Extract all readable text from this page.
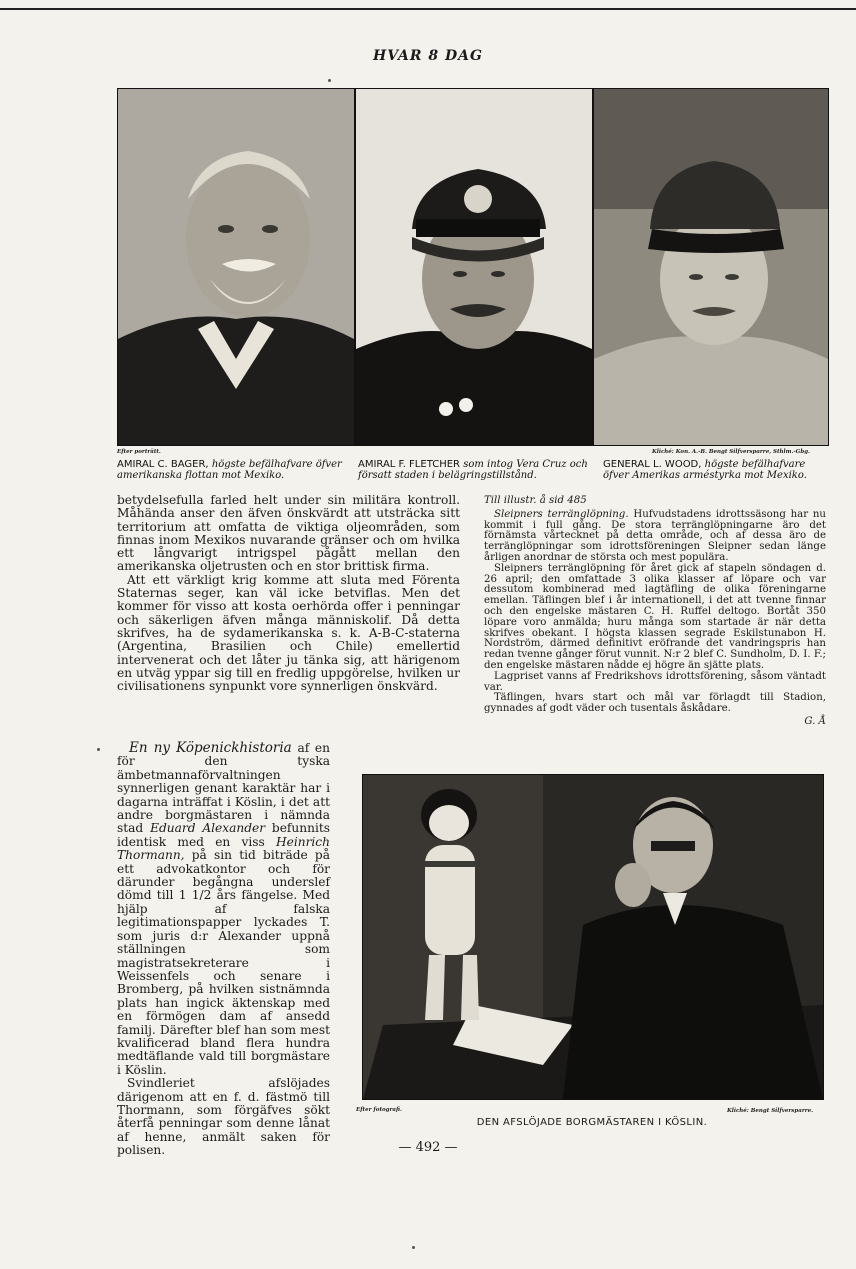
HVAR 8 DAG
Efter porträtt.	Kliché: Kon. A.-B. Bengt Silfversparre, Sthlm.-Gbg.
AMIRAL C. BAGER, högste befälhafvare öfver amerikanska flottan mot Mexiko.
AMIRAL F. FLETCHER som intog Vera Cruz och försatt staden i belägringstillstånd.
GENERAL L. WOOD, högste befälhafvare öfver Amerikas arméstyrka mot Mexiko.

betydelsefulla farled helt under sin militära kontroll. Måhända anser den äfven önskvärdt att utsträcka sitt territorium att omfatta de viktiga oljeområden, som finnas inom Mexikos nuvarande gränser och om hvilka ett långvarigt intrigspel pågått mellan den amerikanska oljetrusten och en stor brittisk firma.

Att ett värkligt krig komme att sluta med Förenta Staternas seger, kan väl icke betviflas. Men det kommer för visso att kosta oerhörda offer i penningar och säkerligen äfven många människolif. Då detta skrifves, ha de sydamerikanska s. k. A-B-C-staterna (Argentina, Brasilien och Chile) emellertid intervenerat och det låter ju tänka sig, att härigenom en utväg yppar sig till en fredlig uppgörelse, hvilken ur civilisationens synpunkt vore synnerligen önskvärd.

Till illustr. å sid 485

Sleipners terränglöpning. Hufvudstadens idrottssäsong har nu kommit i full gång. De stora terränglöpningarne äro det förnämsta vårtecknet på detta område, och af dessa äro de terränglöpningar som idrottsföreningen Sleipner sedan länge årligen anordnar de största och mest populära.

Sleipners terränglöpning för året gick af stapeln söndagen d. 26 april; den omfattade 3 olika klasser af löpare och var dessutom kombinerad med lagtäfling de olika föreningarne emellan. Täflingen blef i år internationell, i det att tvenne finnar och den engelske mästaren C. H. Ruffel deltogo. Bortåt 350 löpare voro anmälda; huru många som startade är när detta skrifves obekant. I högsta klassen segrade Eskilstunabon H. Nordström, därmed definitivt eröfrande det vandringspris han redan tvenne gånger förut vunnit. N:r 2 blef C. Sundholm, D. I. F.; den engelske mästaren nådde ej högre än sjätte plats.

Lagpriset vanns af Fredrikshovs idrottsförening, såsom väntadt var.

Täflingen, hvars start och mål var förlagdt till Stadion, gynnades af godt väder och tusentals åskådare.

G. Å

En ny Köpenickhistoria af en för den tyska ämbetmannaförvaltningen synnerligen genant karaktär har i dagarna inträffat i Köslin, i det att andre borgmästaren i nämnda stad Eduard Alexander befunnits identisk med en viss Heinrich Thormann, på sin tid biträde på ett advokatkontor och för därunder begångna underslef dömd till 1 1/2 års fängelse. Med hjälp af falska legitimationspapper lyckades T. som juris d:r Alexander uppnå ställningen som magistratsekreterare i Weissenfels och senare i Bromberg, på hvilken sistnämnda plats han ingick äktenskap med en förmögen dam af ansedd familj. Därefter blef han som mest kvalificerad bland flera hundra medtäflande vald till borgmästare i Köslin.

Svindleriet afslöjades därigenom att en f. d. fästmö till Thormann, som förgäfves sökt återfå penningar som denne lånat af henne, anmält saken för polisen.

Efter fotografi.	Kliché: Bengt Silfversparre.
DEN AFSLÖJADE BORGMÄSTAREN I KÖSLIN.
— 492 —
